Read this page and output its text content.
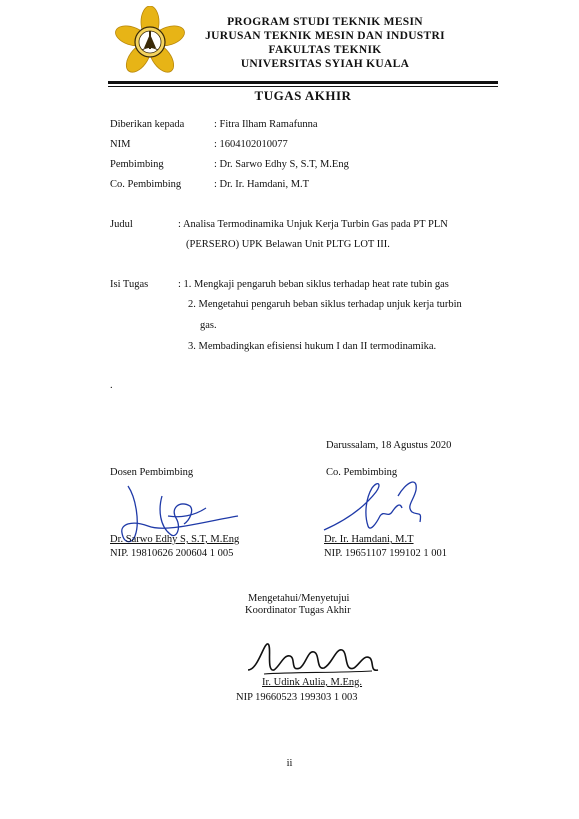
PROGRAM STUDI TEKNIK MESIN
JURUSAN TEKNIK MESIN DAN INDUSTRI
FAKULTAS TEKNIK
UNIVERSITAS SYIAH KUALA
TUGAS AKHIR
Diberikan kepada	: Fitra Ilham Ramafunna
NIM	: 1604102010077
Pembimbing	: Dr. Sarwo Edhy S, S.T, M.Eng
Co. Pembimbing	: Dr. Ir. Hamdani, M.T
Judul	: Analisa Termodinamika Unjuk Kerja Turbin Gas pada PT PLN
(PERSERO) UPK Belawan Unit PLTG LOT III.
Isi Tugas	: 1. Mengkaji pengaruh beban siklus terhadap heat rate tubin gas
2. Mengetahui pengaruh beban siklus terhadap unjuk kerja turbin
gas.
3. Membadingkan efisiensi hukum I dan II termodinamika.
.
Darussalam, 18 Agustus 2020
Dosen Pembimbing
Dr. Sarwo Edhy S, S.T, M.Eng
NIP. 19810626 200604 1 005
Co. Pembimbing
Dr. Ir. Hamdani, M.T
NIP. 19651107 199102 1 001
Mengetahui/Menyetujui
Koordinator Tugas Akhir
Ir. Udink Aulia, M.Eng.
NIP 19660523 199303 1 003
ii
